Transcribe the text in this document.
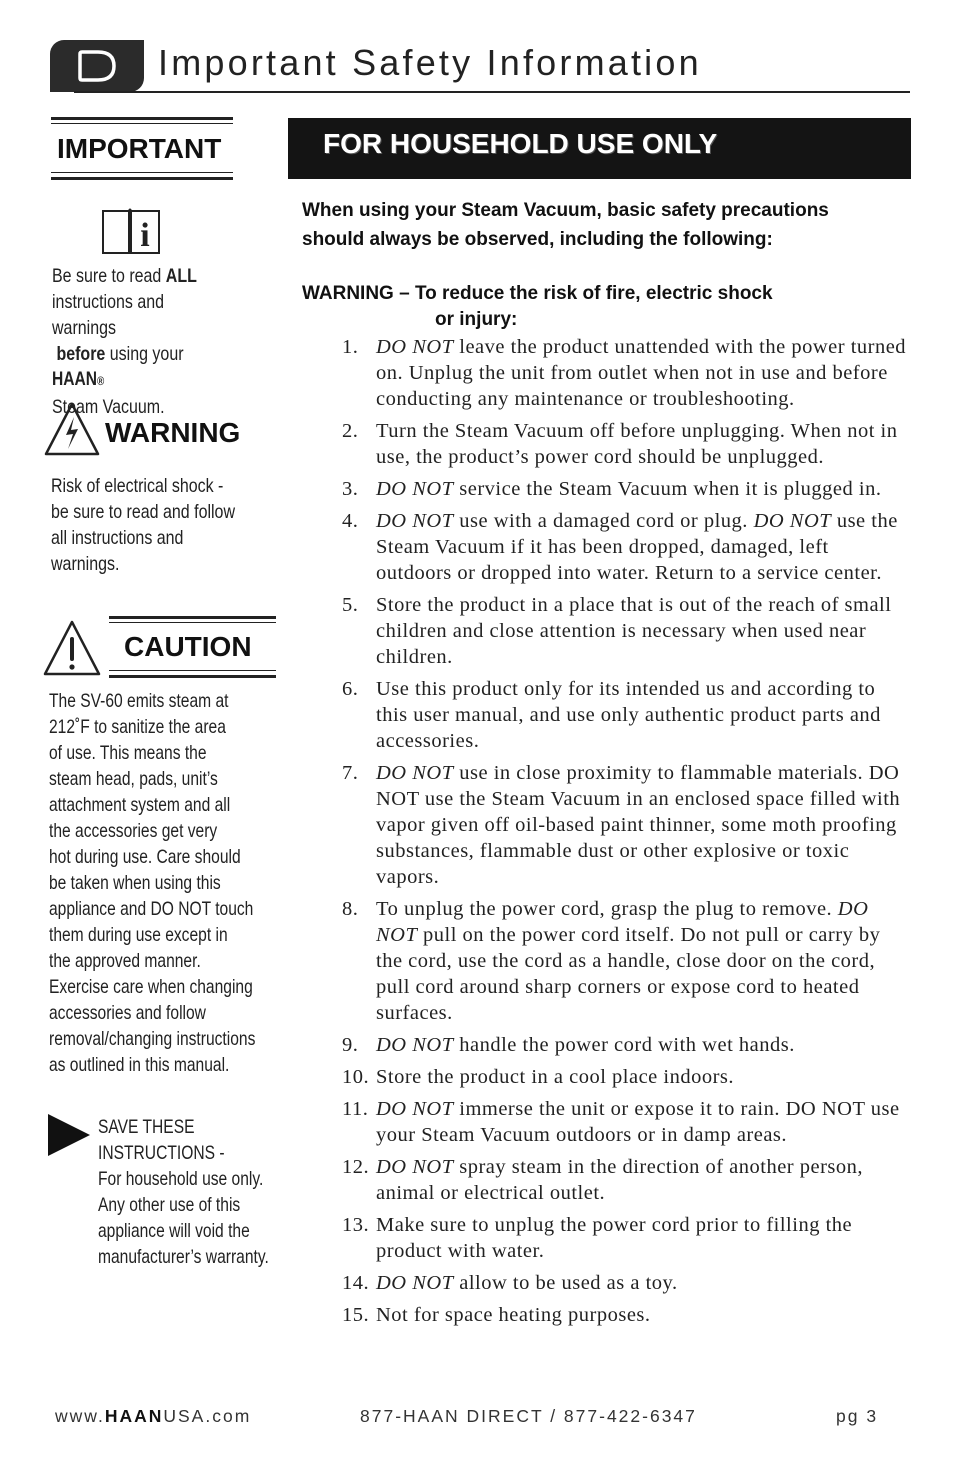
Important Safety Information
IMPORTANT
i
Be sure to read ALL
instructions and warnings
before using your
HAAN®
Steam Vacuum.
WARNING
Risk of electrical shock -
be sure to read and follow
all instructions and
warnings.
CAUTION
The SV-60 emits steam at
212˚F to sanitize the area
of use. This means the
steam head, pads, unit’s
attachment system and all
the accessories get very
hot during use. Care should
be taken when using this
appliance and DO NOT touch
them during use except in
the approved manner.
Exercise care when changing
accessories and follow
removal/changing instructions
as outlined in this manual.
SAVE THESE
INSTRUCTIONS -
For household use only.
Any other use of this
appliance will void the
manufacturer’s warranty.
FOR HOUSEHOLD USE ONLY
When using your Steam Vacuum, basic safety precautions
should always be observed, including the following:
WARNING – To reduce the risk of fire, electric shock
or injury:
1. DO NOT leave the product unattended with the power turned on. Unplug the unit from outlet when not in use and before conducting any maintenance or troubleshooting.
2. Turn the Steam Vacuum off before unplugging. When not in use, the product’s power cord should be unplugged.
3. DO NOT service the Steam Vacuum when it is plugged in.
4. DO NOT use with a damaged cord or plug. DO NOT use the Steam Vacuum if it has been dropped, damaged, left outdoors or dropped into water. Return to a service center.
5. Store the product in a place that is out of the reach of small children and close attention is necessary when used near children.
6. Use this product only for its intended us and according to this user manual, and use only authentic product parts and accessories.
7. DO NOT use in close proximity to flammable materials. DO NOT use the Steam Vacuum in an enclosed space filled with vapor given off oil-based paint thinner, some moth proofing substances, flammable dust or other explosive or toxic vapors.
8. To unplug the power cord, grasp the plug to remove. DO NOT pull on the power cord itself. Do not pull or carry by the cord, use the cord as a handle, close door on the cord, pull cord around sharp corners or expose cord to heated surfaces.
9. DO NOT handle the power cord with wet hands.
10. Store the product in a cool place indoors.
11. DO NOT immerse the unit or expose it to rain. DO NOT use your Steam Vacuum outdoors or in damp areas.
12. DO NOT spray steam in the direction of another person, animal or electrical outlet.
13. Make sure to unplug the power cord prior to filling the product with water.
14. DO NOT allow to be used as a toy.
15. Not for space heating purposes.
www.HAANUSA.com	877-HAAN DIRECT / 877-422-6347	pg 3
